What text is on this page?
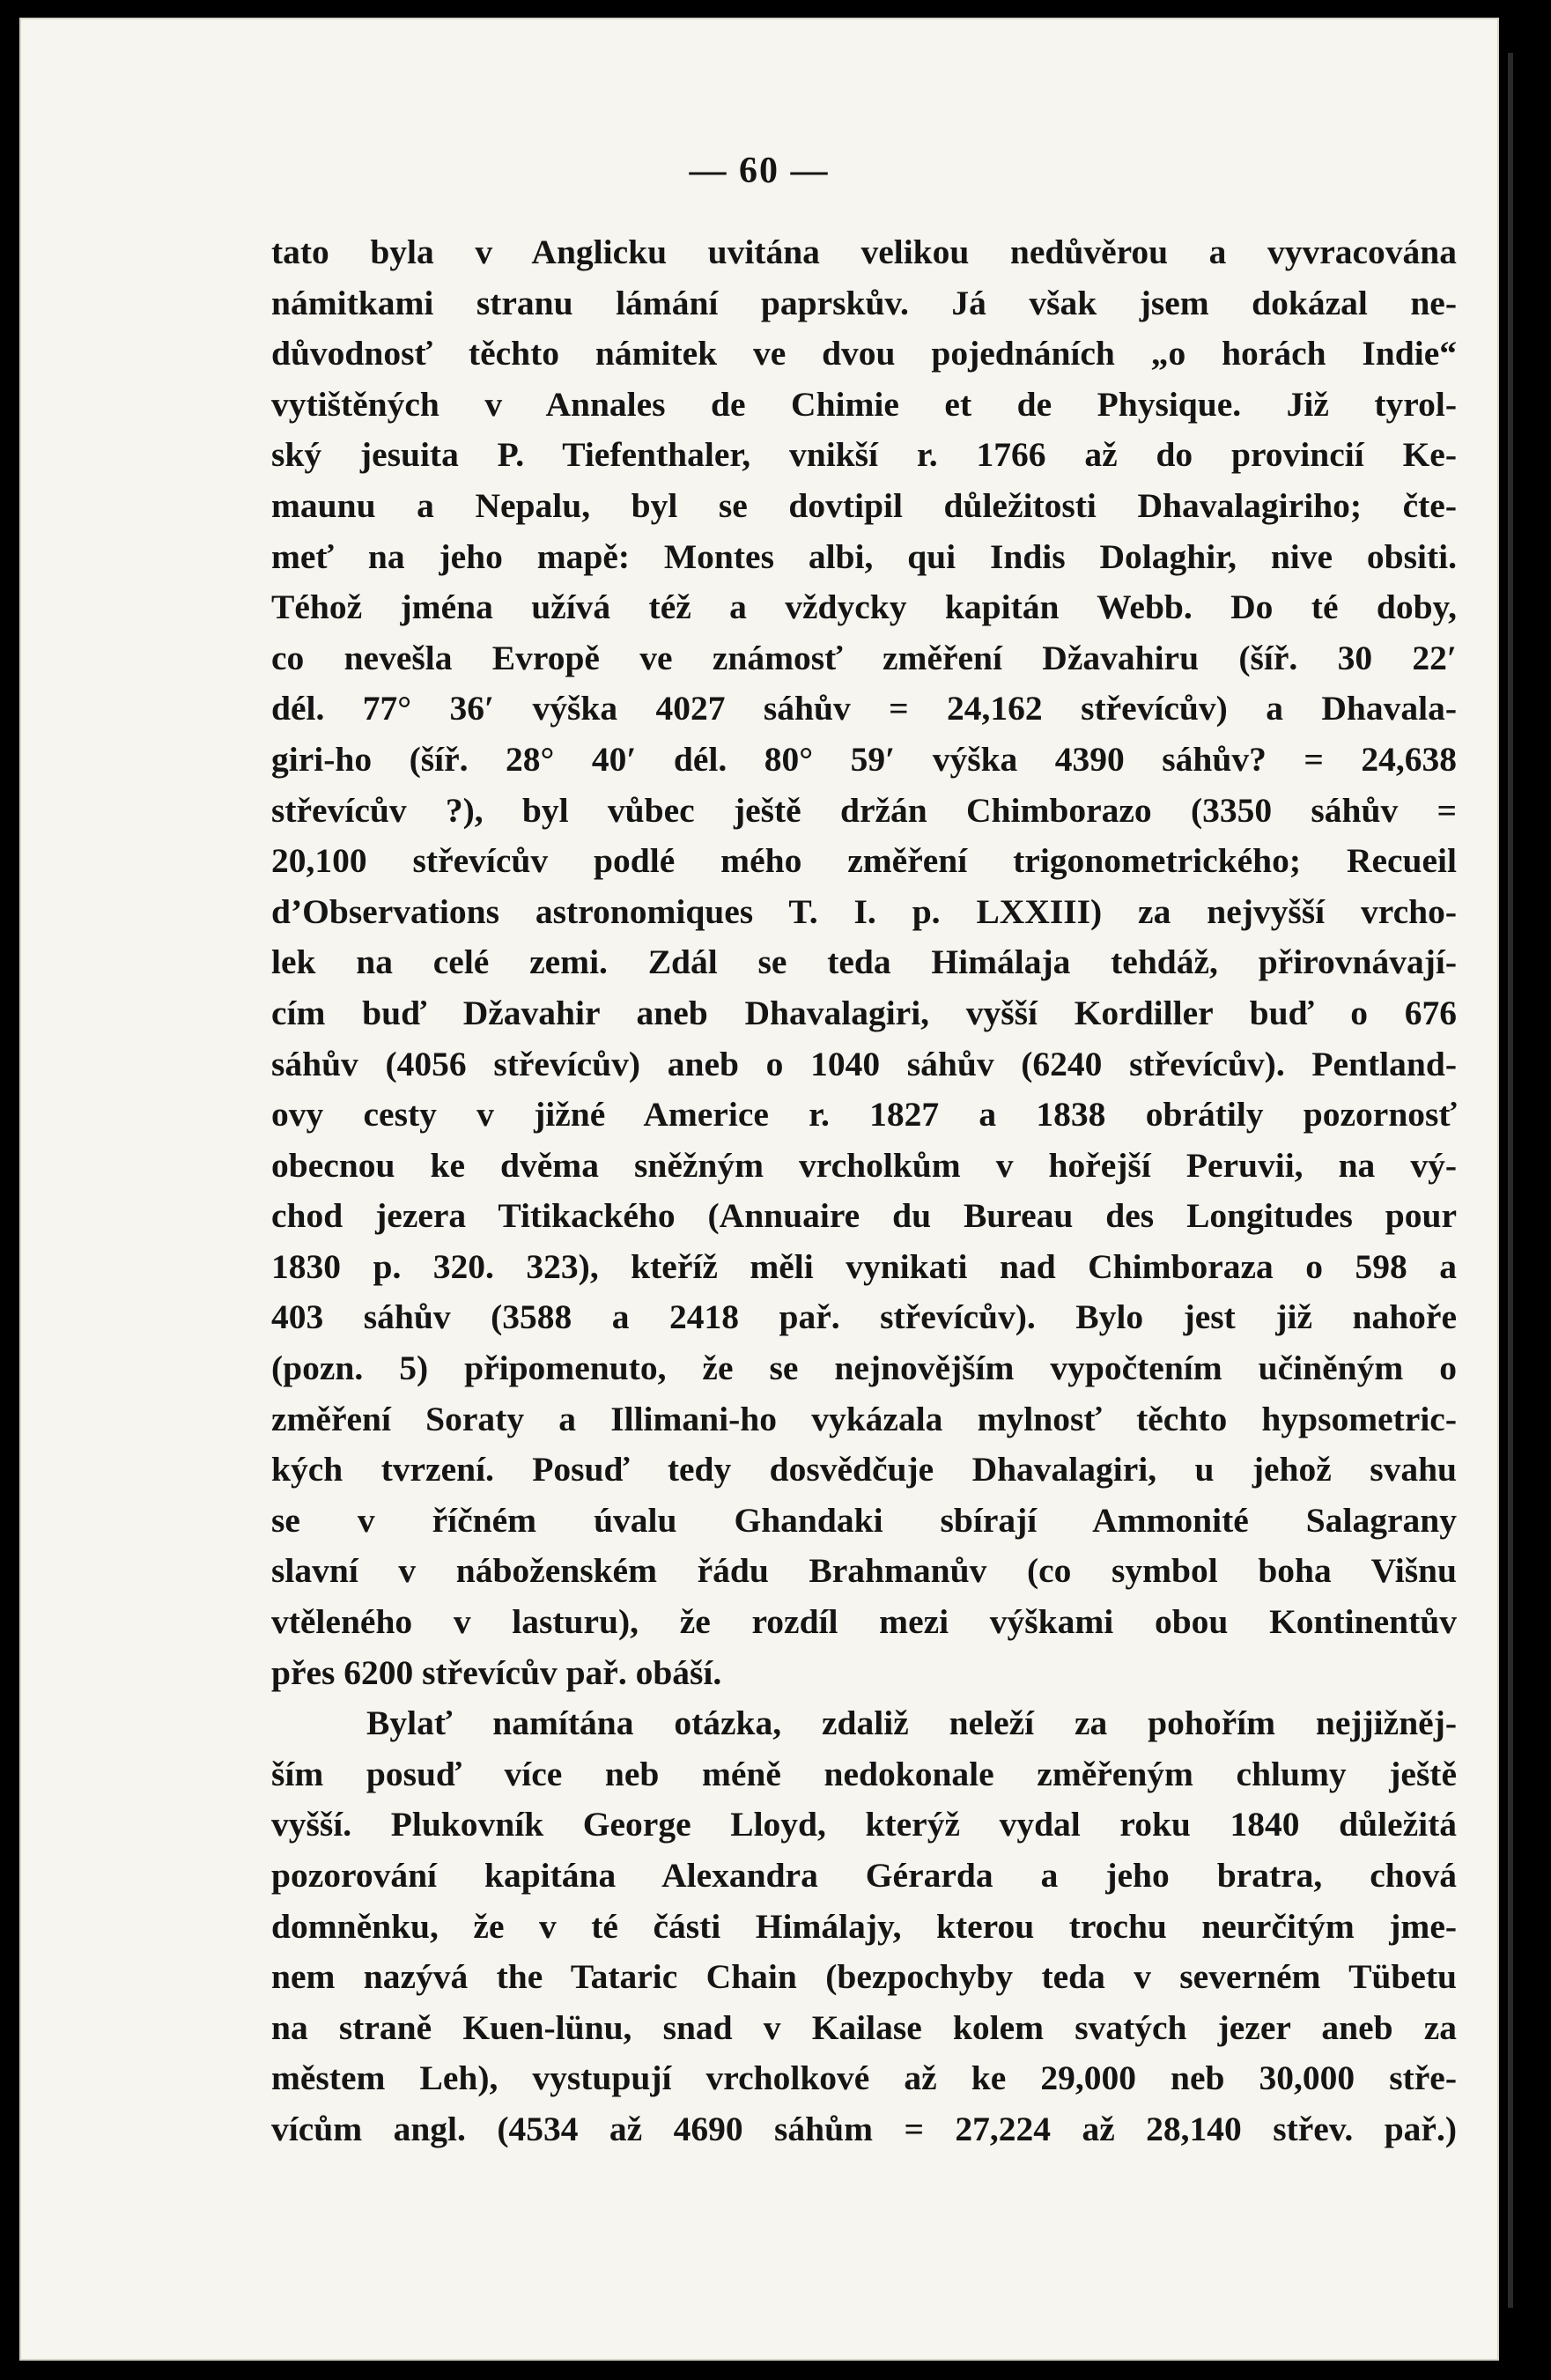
— 60 —
tato byla v Anglicku uvitána velikou nedůvěrou a vyvracována
námitkami stranu lámání paprskův. Já však jsem dokázal ne-
důvodnosť těchto námitek ve dvou pojednáních „o horách Indie“
vytištěných v Annales de Chimie et de Physique. Již tyrol-
ský jesuita P. Tiefenthaler, vnikší r. 1766 až do provincií Ke-
maunu a Nepalu, byl se dovtipil důležitosti Dhavalagiriho; čte-
meť na jeho mapě: Montes albi, qui Indis Dolaghir, nive obsiti.
Téhož jména užívá též a vždycky kapitán Webb. Do té doby,
co nevešla Evropě ve známosť změření Džavahiru (šíř. 30 22′
dél. 77° 36′ výška 4027 sáhův = 24,162 střevícův) a Dhavala-
giri-ho (šíř. 28° 40′ dél. 80° 59′ výška 4390 sáhův? = 24,638
střevícův ?), byl vůbec ještě držán Chimborazo (3350 sáhův =
20,100 střevícův podlé mého změření trigonometrického; Recueil
d’Observations astronomiques T. I. p. LXXIII) za nejvyšší vrcho-
lek na celé zemi. Zdál se teda Himálaja tehdáž, přirovnávají-
cím buď Džavahir aneb Dhavalagiri, vyšší Kordiller buď o 676
sáhův (4056 střevícův) aneb o 1040 sáhův (6240 střevícův). Pentland-
ovy cesty v jižné Americe r. 1827 a 1838 obrátily pozornosť
obecnou ke dvěma sněžným vrcholkům v hořejší Peruvii, na vý-
chod jezera Titikackého (Annuaire du Bureau des Longitudes pour
1830 p. 320. 323), kteříž měli vynikati nad Chimboraza o 598 a
403 sáhův (3588 a 2418 pař. střevícův). Bylo jest již nahoře
(pozn. 5) připomenuto, že se nejnovějším vypočtením učiněným o
změření Soraty a Illimani-ho vykázala mylnosť těchto hypsometric-
kých tvrzení. Posuď tedy dosvědčuje Dhavalagiri, u jehož svahu
se v říčném úvalu Ghandaki sbírají Ammonité Salagrany
slavní v náboženském řádu Brahmanův (co symbol boha Višnu
vtěleného v lasturu), že rozdíl mezi výškami obou Kontinentův
přes 6200 střevícův pař. obáší.
Bylať namítána otázka, zdaliž neleží za pohořím nejjižněj-
ším posuď více neb méně nedokonale změřeným chlumy ještě
vyšší. Plukovník George Lloyd, kterýž vydal roku 1840 důležitá
pozorování kapitána Alexandra Gérarda a jeho bratra, chová
domněnku, že v té části Himálajy, kterou trochu neurčitým jme-
nem nazývá the Tataric Chain (bezpochyby teda v severném Tübetu
na straně Kuen-lünu, snad v Kailase kolem svatých jezer aneb za
městem Leh), vystupují vrcholkové až ke 29,000 neb 30,000 stře-
vícům angl. (4534 až 4690 sáhům = 27,224 až 28,140 střev. pař.)
